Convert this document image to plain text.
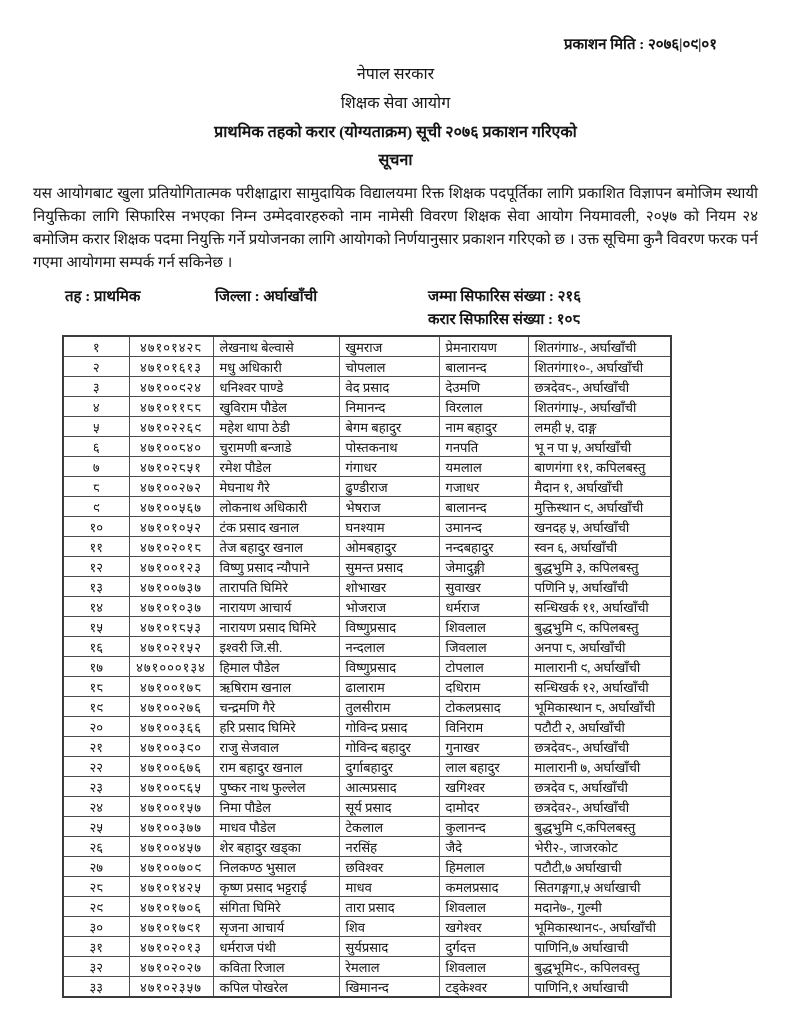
प्रकाशन मिति : २०७६|०९|०१
नेपाल सरकार
शिक्षक सेवा आयोग
प्राथमिक तहको करार (योग्यताक्रम) सूची २०७६ प्रकाशन गरिएको
सूचना
यस आयोगबाट खुला प्रतियोगितात्मक परीक्षाद्वारा सामुदायिक विद्यालयमा रिक्त शिक्षक पदपूर्तिका लागि प्रकाशित विज्ञापन बमोजिम स्थायी नियुक्तिका लागि सिफारिस नभएका निम्न उम्मेदवारहरुको नाम नामेसी विवरण शिक्षक सेवा आयोग नियमावली, २०५७ को नियम २४ बमोजिम करार शिक्षक पदमा नियुक्ति गर्ने प्रयोजनका लागि आयोगको निर्णयानुसार प्रकाशन गरिएको छ । उक्त सूचिमा कुनै विवरण फरक पर्न गएमा आयोगमा सम्पर्क गर्न सकिनेछ ।
तह : प्राथमिक	जिल्ला : अर्घाखाँची	जम्मा सिफारिस संख्या : २१६
करार सिफारिस संख्या : १०८
१	४७१०१४२८	लेखनाथ बेल्वासे	खुमराज	प्रेमनारायण	शितगंगा४-, अर्घाखाँची
२	४७१०१६१३	मधु अधिकारी	चोपलाल	बालानन्द	शितगंगा१०-, अर्घाखाँची
३	४७१००९२४	धनिश्वर पाण्डे	वेद प्रसाद	देउमणि	छत्रदेव८-, अर्घाखाँची
४	४७१०११८८	खुविराम पौडेल	निमानन्द	विरलाल	शितगंगा५-, अर्घाखाँची
५	४७१०२२६९	महेश थापा ठेडी	बेगम बहादुर	नाम बहादुर	लमही ५, दाङ्ग
६	४७१००८४०	चुरामणी बन्जाडे	पोस्तकनाथ	गनपति	भू न पा ५, अर्घाखाँची
७	४७१०२८५१	रमेश पौडेल	गंगाधर	यमलाल	बाणगंगा ११, कपिलबस्तु
८	४७१००२७२	मेघनाथ गैरे	ढुण्डीराज	गजाधर	मैदान १, अर्घाखाँची
९	४७१००५६७	लोकनाथ अधिकारी	भेषराज	बालानन्द	मुक्तिस्थान ९, अर्घाखाँची
१०	४७१०१०५२	टंक प्रसाद खनाल	घनश्याम	उमानन्द	खनदह ५, अर्घाखाँची
११	४७१०२०१८	तेज बहादुर खनाल	ओमबहादुर	नन्दबहादुर	स्वन ६, अर्घाखाँची
१२	४७१००१२३	विष्णु प्रसाद न्यौपाने	सुमन्त प्रसाद	जेमादुङ्गी	बुद्धभुमि ३, कपिलबस्तु
१३	४७१००७३७	तारापति घिमिरे	शोभाखर	सुवाखर	पणिनि ५, अर्घाखाँची
१४	४७१०१०३७	नारायण आचार्य	भोजराज	धर्मराज	सन्धिखर्क ११, अर्घाखाँची
१५	४७१०१८५३	नारायण प्रसाद घिमिरे	विष्णुप्रसाद	शिवलाल	बुद्धभुमि ९, कपिलबस्तु
१६	४७१०२१५२	इश्वरी जि.सी.	नन्दलाल	जिवलाल	अनपा ८, अर्घाखाँची
१७	४७१०००१३४	हिमाल पौडेल	विष्णुप्रसाद	टोपलाल	मालारानी ९, अर्घाखाँची
१८	४७१००१७८	ऋषिराम खनाल	ढालाराम	दधिराम	सन्धिखर्क १२, अर्घाखाँची
१९	४७१००२७६	चन्द्रमणि गैरे	तुलसीराम	टोकलप्रसाद	भूमिकास्थान ८, अर्घाखाँची
२०	४७१००३६६	हरि प्रसाद घिमिरे	गोविन्द प्रसाद	विनिराम	पटौटी २, अर्घाखाँची
२१	४७१००३९०	राजु सेजवाल	गोविन्द बहादुर	गुनाखर	छत्रदेव८-, अर्घाखाँची
२२	४७१००६७६	राम बहादुर खनाल	दुर्गाबहादुर	लाल बहादुर	मालारानी ७, अर्घाखाँची
२३	४७१००८६५	पुष्कर नाथ फुल्लेल	आत्मप्रसाद	खगिश्वर	छत्रदेव ८, अर्घाखाँची
२४	४७१००१५७	निमा पौडेल	सूर्य प्रसाद	दामोदर	छत्रदेव२-, अर्घाखाँची
२५	४७१००३७७	माधव पौडेल	टेकलाल	कुलानन्द	बुद्धभुमि ९,कपिलबस्तु
२६	४७१००४५७	शेर बहादुर खड्का	नरसिंह	जैदे	भेरी२-, जाजरकोट
२७	४७१००७०९	निलकण्ठ भुसाल	छविश्वर	हिमलाल	पटौटी,७ अर्घाखाची
२८	४७१०१४२५	कृष्ण प्रसाद भट्टराई	माधव	कमलप्रसाद	सितगङ्गगा,५ अर्धाखाची
२९	४७१०१७०६	संगिता घिमिरे	तारा प्रसाद	शिवलाल	मदाने७-, गुल्मी
३०	४७१०१७९१	सृजना आचार्य	शिव	खगेश्वर	भूमिकास्थान९-, अर्घाखाँची
३१	४७१०२०१३	धर्मराज पंथी	सुर्यप्रसाद	दुर्गदत्त	पाणिनि,७ अर्घाखाची
३२	४७१०२०२७	कविता रिजाल	रेमलाल	शिवलाल	बुद्धभूमि९-, कपिलवस्तु
३३	४७१०२३५७	कपिल पोखरेल	खिमानन्द	टड्केश्वर	पाणिनि,१ अर्घाखाची
